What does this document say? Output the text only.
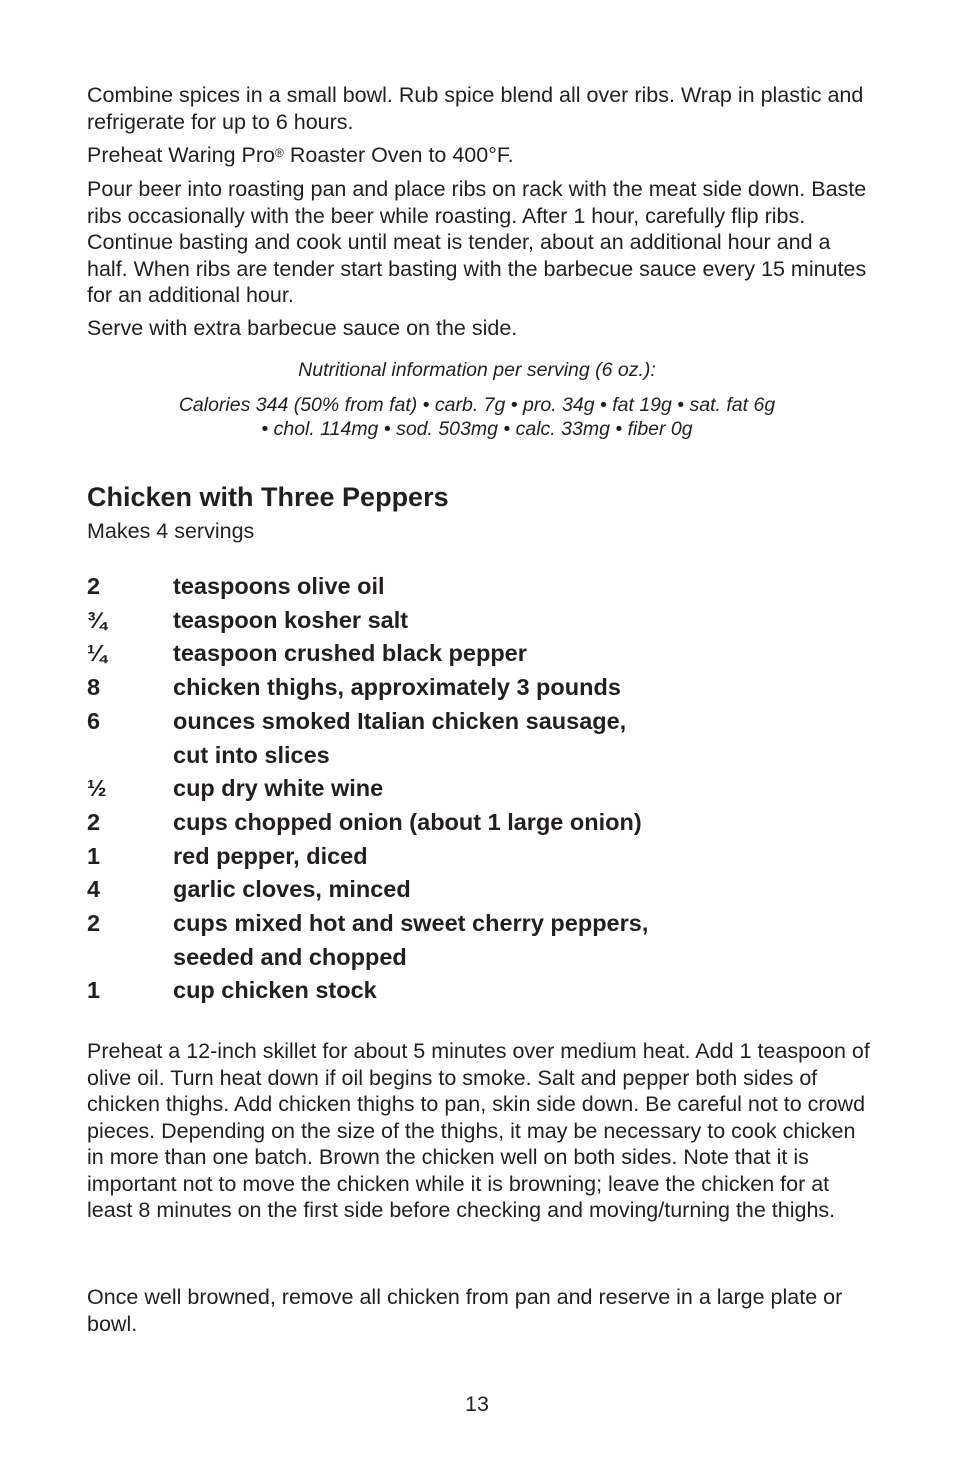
Combine spices in a small bowl. Rub spice blend all over ribs. Wrap in plastic and refrigerate for up to 6 hours.

Preheat Waring Pro® Roaster Oven to 400°F.

Pour beer into roasting pan and place ribs on rack with the meat side down. Baste ribs occasionally with the beer while roasting. After 1 hour, carefully flip ribs. Continue basting and cook until meat is tender, about an additional hour and a half. When ribs are tender start basting with the barbecue sauce every 15 minutes for an additional hour.

Serve with extra barbecue sauce on the side.

Nutritional information per serving (6 oz.):

Calories 344 (50% from fat) • carb. 7g • pro. 34g • fat 19g • sat. fat 6g

• chol. 114mg • sod. 503mg • calc. 33mg • fiber 0g

Chicken with Three Peppers

Makes 4 servings

2	teaspoons olive oil
¾	teaspoon kosher salt
¼	teaspoon crushed black pepper
8	chicken thighs, approximately 3 pounds
6	ounces smoked Italian chicken sausage,
cut into slices
½	cup dry white wine
2	cups chopped onion (about 1 large onion)
1	red pepper, diced
4	garlic cloves, minced
2	cups mixed hot and sweet cherry peppers,
seeded and chopped
1	cup chicken stock

Preheat a 12-inch skillet for about 5 minutes over medium heat. Add 1 teaspoon of olive oil. Turn heat down if oil begins to smoke. Salt and pepper both sides of chicken thighs. Add chicken thighs to pan, skin side down. Be careful not to crowd pieces. Depending on the size of the thighs, it may be necessary to cook chicken in more than one batch. Brown the chicken well on both sides. Note that it is important not to move the chicken while it is browning; leave the chicken for at least 8 minutes on the first side before checking and moving/turning the thighs.

Once well browned, remove all chicken from pan and reserve in a large plate or bowl.

13
